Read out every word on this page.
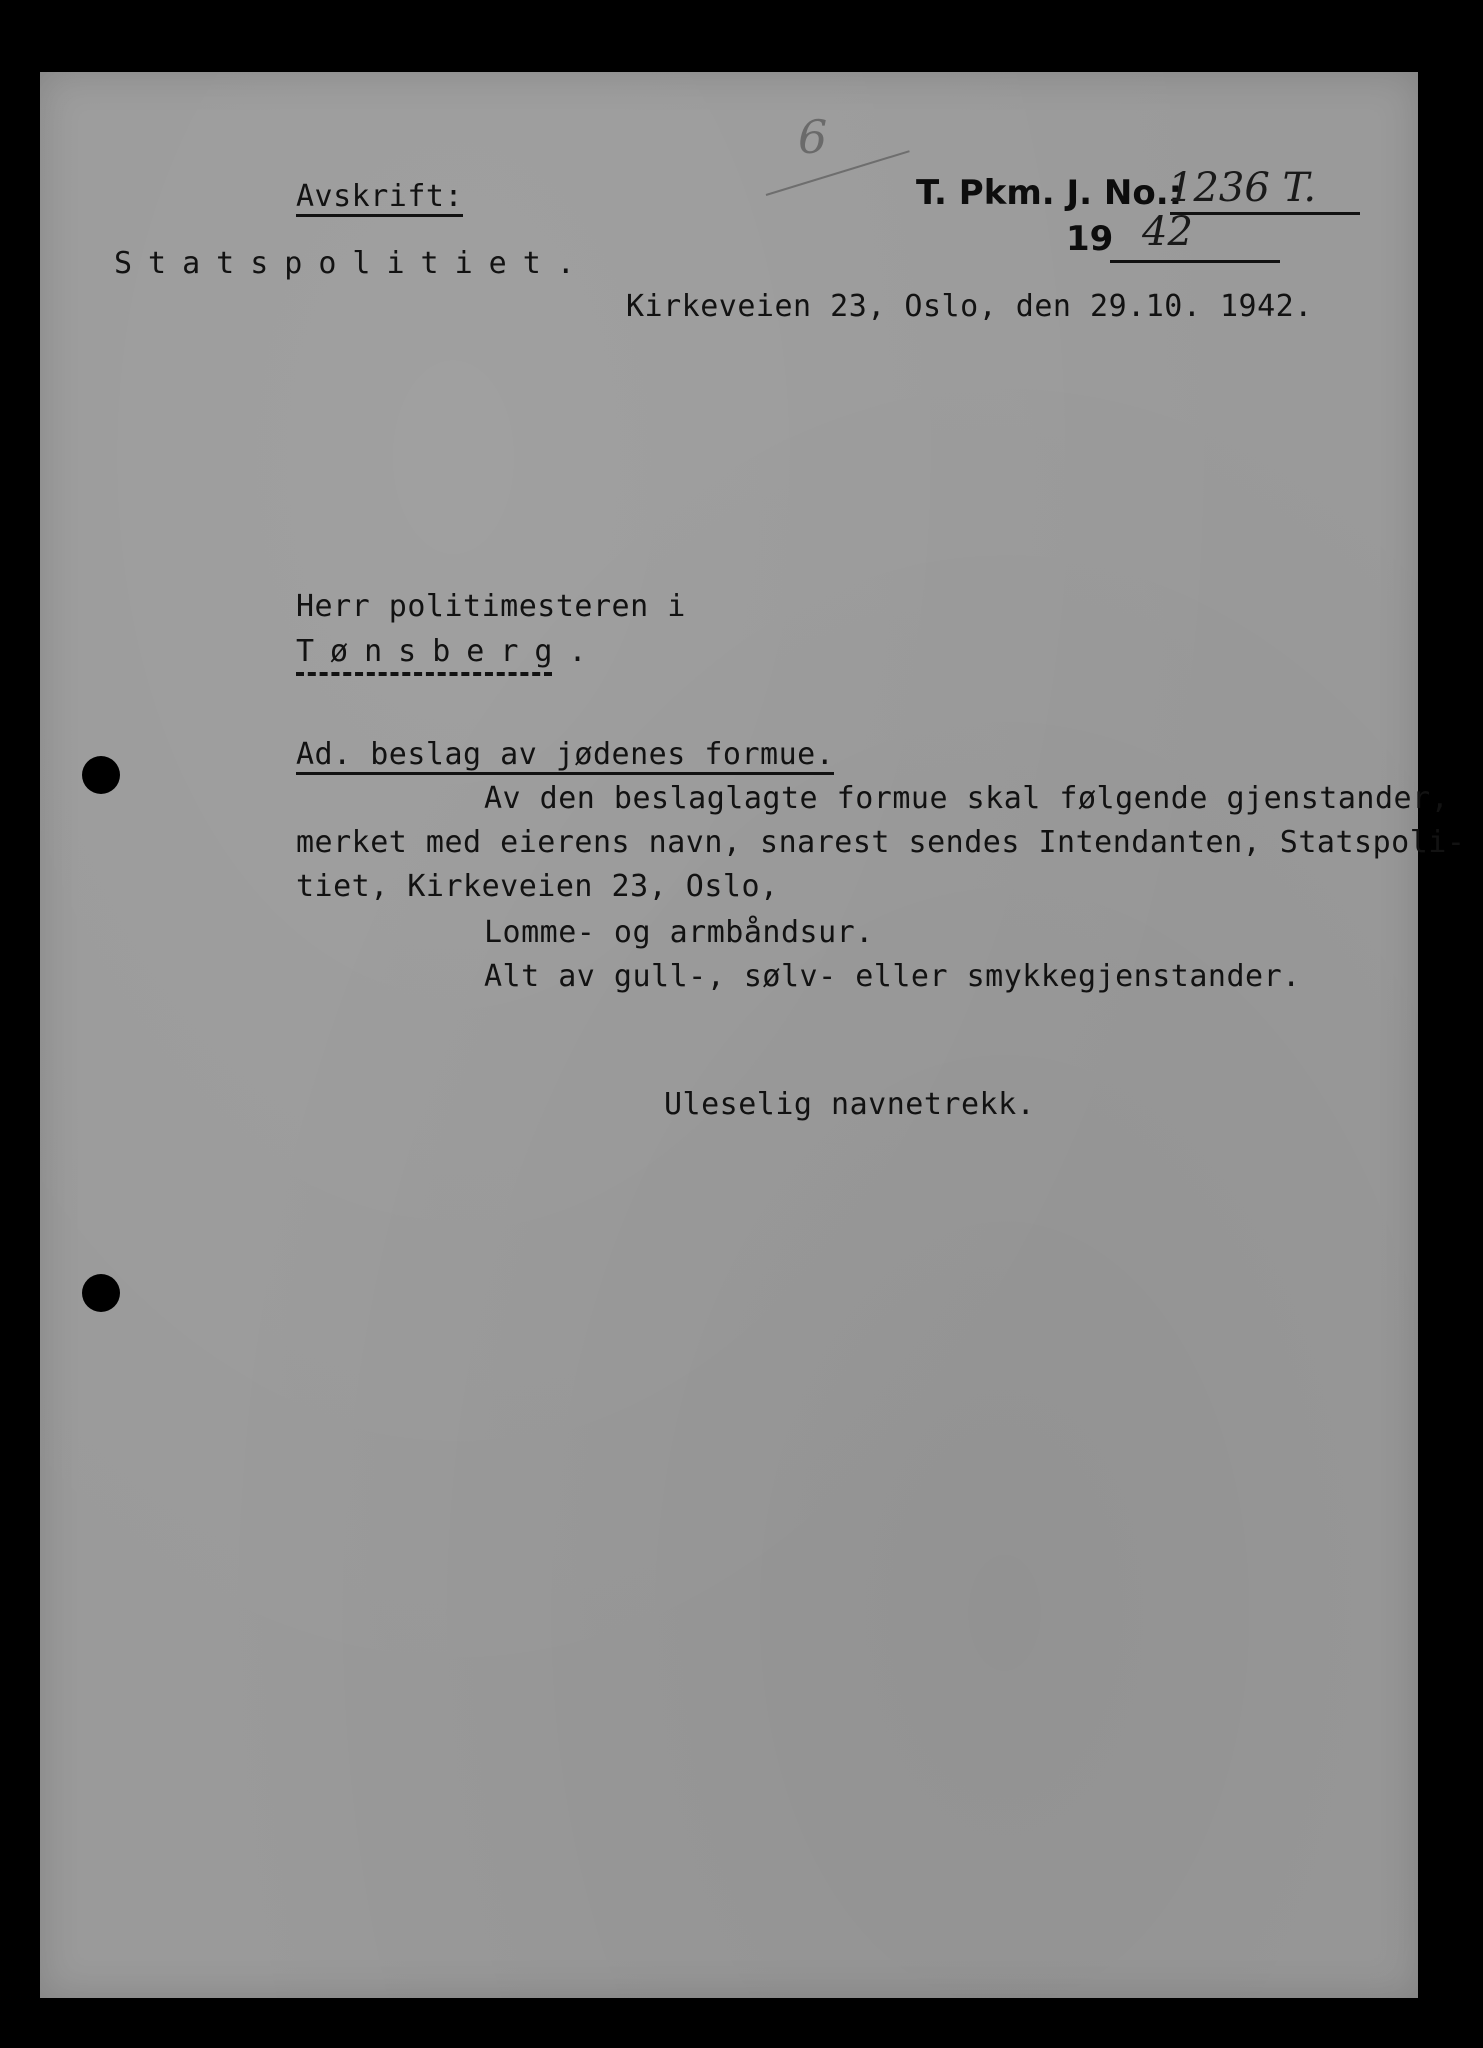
6
Avskrift:
Statspolitiet.
Kirkeveien 23, Oslo, den 29.10. 1942.
T. Pkm. J. No.:
1236 T.
19 42
Herr politimesteren i
Tønsberg.
Ad. beslag av jødenes formue.
Av den beslaglagte formue skal følgende gjenstander,
merket med eierens navn, snarest sendes Intendanten, Statspoli-
tiet, Kirkeveien 23, Oslo,
Lomme- og armbåndsur.
Alt av gull-, sølv- eller smykkegjenstander.
Uleselig navnetrekk.
